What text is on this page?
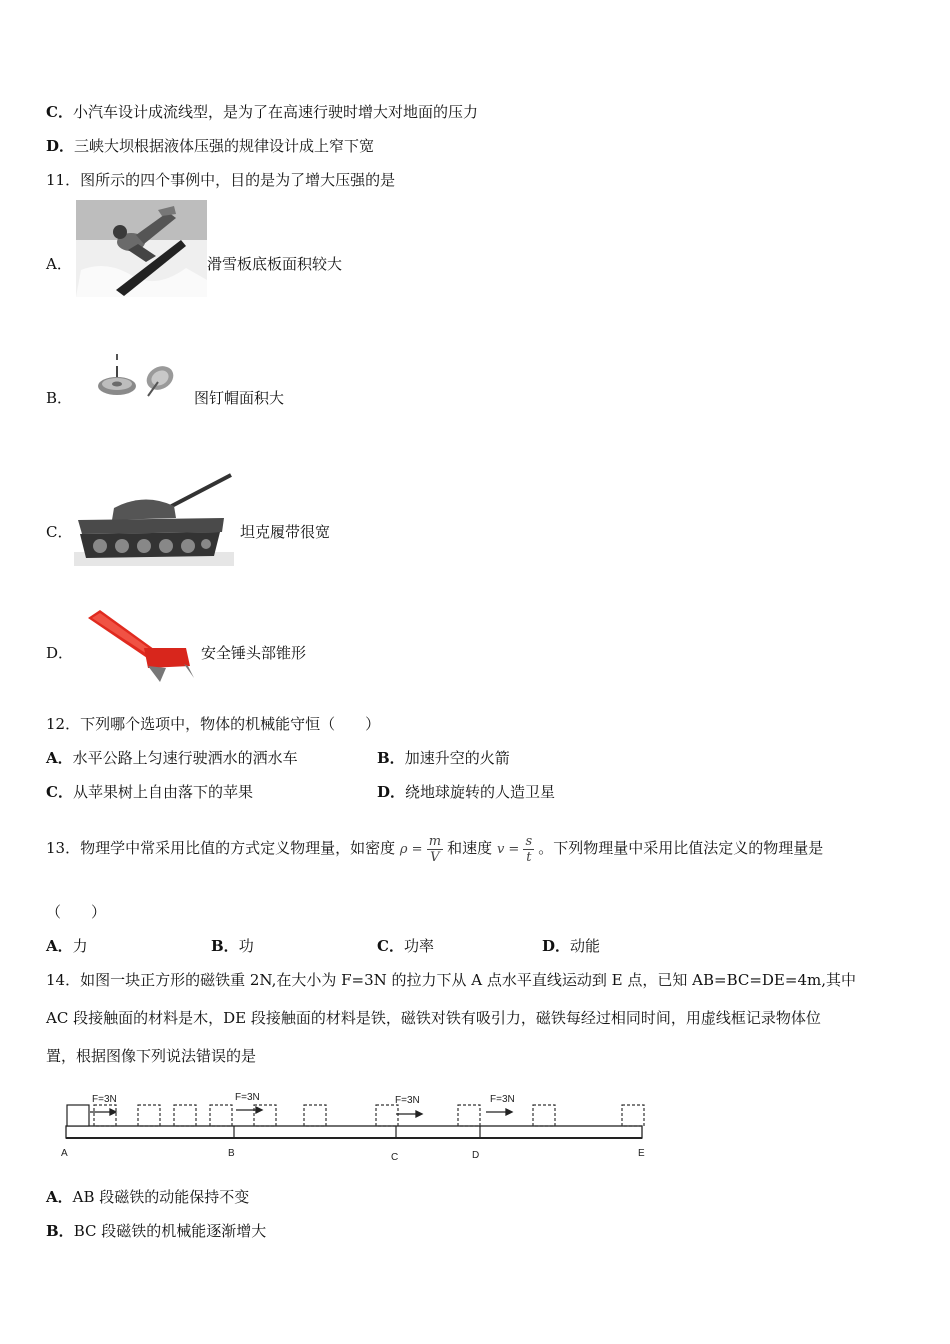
C．小汽车设计成流线型，是为了在高速行驶时增大对地面的压力
D．三峡大坝根据液体压强的规律设计成上窄下宽
11．图所示的四个事例中，目的是为了增大压强的是
A．	滑雪板底板面积较大
B．	图钉帽面积大
C．	坦克履带很宽
D．	安全锤头部锥形
12．下列哪个选项中，物体的机械能守恒（　　）
A．水平公路上匀速行驶洒水的洒水车	B．加速升空的火箭
C．从苹果树上自由落下的苹果	D．绕地球旋转的人造卫星
13．物理学中常采用比值的方式定义物理量，如密度 $\rho = \frac{m}{V}$ 和速度 $v = \frac{s}{t}$ 。下列物理量中采用比值法定义的物理量是
（　　）
A．力	B．功	C．功率	D．动能
14．如图一块正方形的磁铁重 2N,在大小为 F=3N 的拉力下从 A 点水平直线运动到 E 点，已知 AB=BC=DE=4m,其中
AC 段接触面的材料是木，DE 段接触面的材料是铁，磁铁对铁有吸引力，磁铁每经过相同时间，用虚线框记录物体位
置，根据图像下列说法错误的是
F=3N	F=3N	F=3N	F=3N
A	B	C	D	E
A．AB 段磁铁的动能保持不变
B．BC 段磁铁的机械能逐渐增大
